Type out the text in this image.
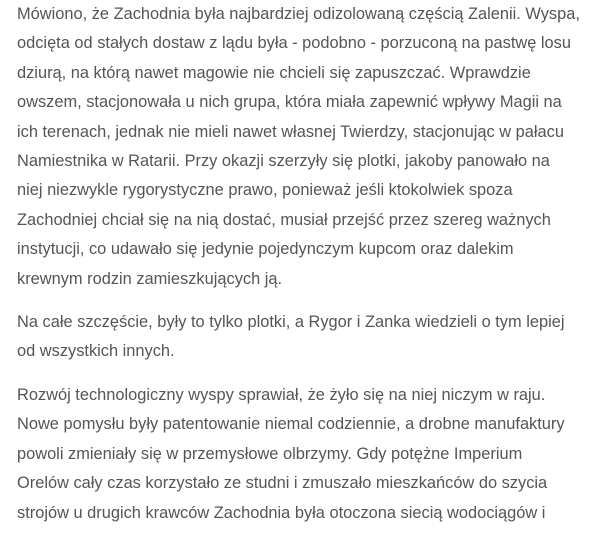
Mówiono, że Zachodnia była najbardziej odizolowaną częścią Zalenii. Wyspa,
odcięta od stałych dostaw z lądu była - podobno - porzuconą na pastwę losu
dziurą, na którą nawet magowie nie chcieli się zapuszczać. Wprawdzie
owszem, stacjonowała u nich grupa, która miała zapewnić wpływy Magii na
ich terenach, jednak nie mieli nawet własnej Twierdzy, stacjonując w pałacu
Namiestnika w Ratarii. Przy okazji szerzyły się plotki, jakoby panowało na
niej niezwykle rygorystyczne prawo, ponieważ jeśli ktokolwiek spoza
Zachodniej chciał się na nią dostać, musiał przejść przez szereg ważnych
instytucji, co udawało się jedynie pojedynczym kupcom oraz dalekim
krewnym rodzin zamieszkujących ją.

Na całe szczęście, były to tylko plotki, a Rygor i Zanka wiedzieli o tym lepiej
od wszystkich innych.

Rozwój technologiczny wyspy sprawiał, że żyło się na niej niczym w raju.
Nowe pomysłu były patentowanie niemal codziennie, a drobne manufaktury
powoli zmieniały się w przemysłowe olbrzymy. Gdy potężne Imperium
Orelów cały czas korzystało ze studni i zmuszało mieszkańców do szycia
strojów u drugich krawców Zachodnia była otoczona siecią wodociągów i
